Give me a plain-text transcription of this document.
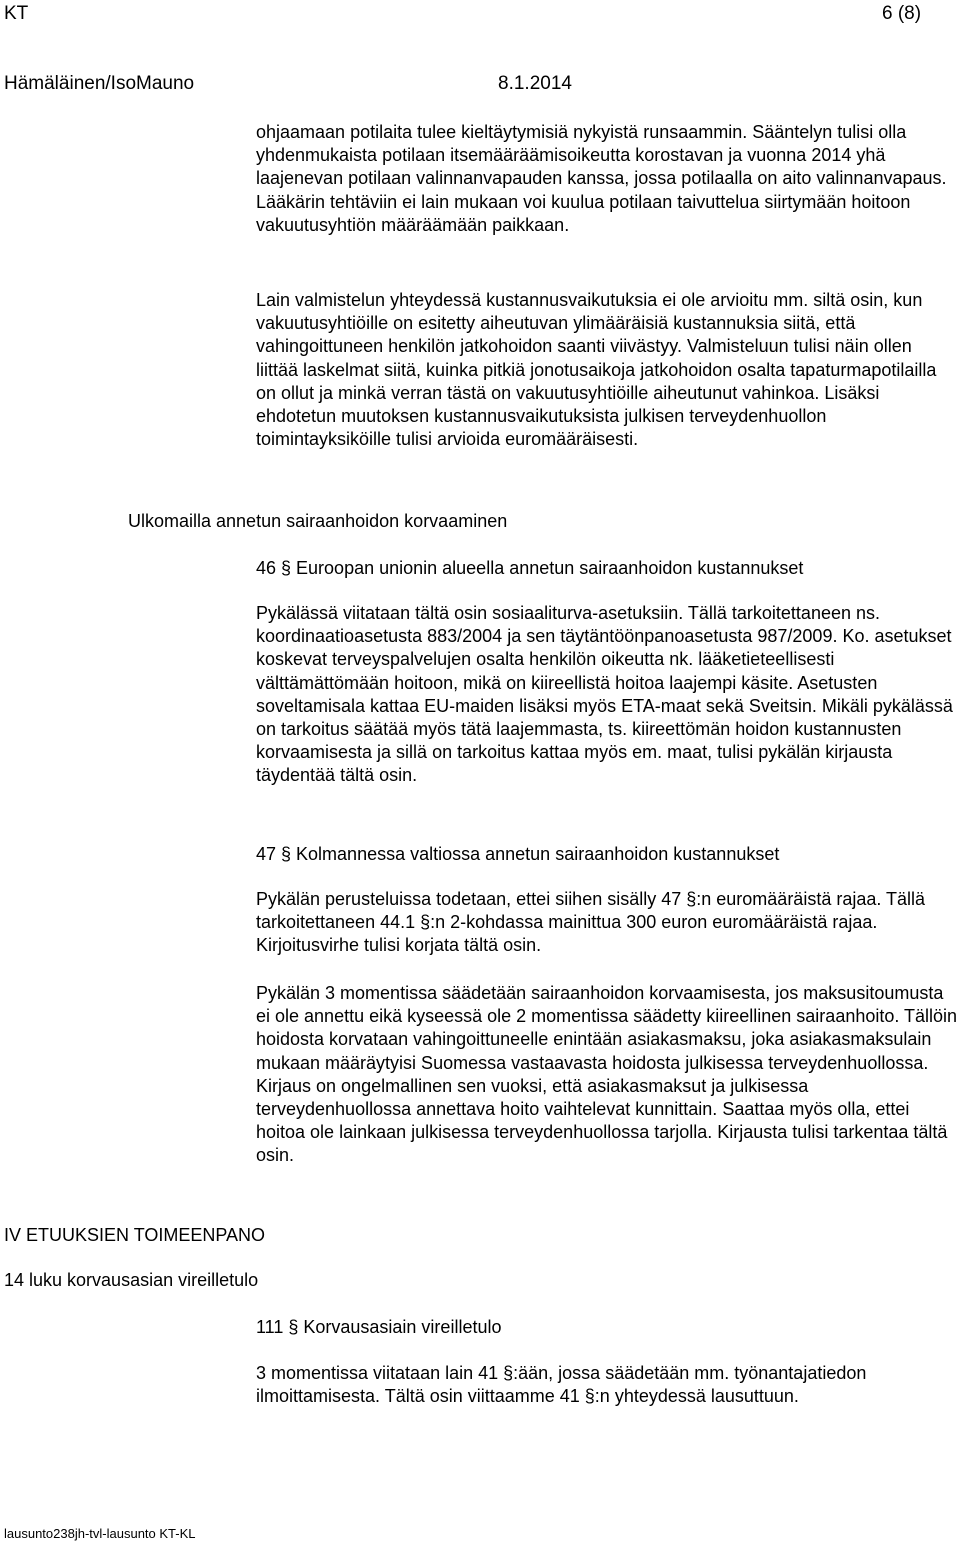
KT	6 (8)
Hämäläinen/IsoMauno	8.1.2014

ohjaamaan potilaita tulee kieltäytymisiä nykyistä runsaammin. Sääntelyn tulisi olla yhdenmukaista potilaan itsemääräämisoikeutta korostavan ja vuonna 2014 yhä laajenevan potilaan valinnanvapauden kanssa, jossa potilaalla on aito valinnanvapaus. Lääkärin tehtäviin ei lain mukaan voi kuulua potilaan taivuttelua siirtymään hoitoon vakuutusyhtiön määräämään paikkaan.

Lain valmistelun yhteydessä kustannusvaikutuksia ei ole arvioitu mm. siltä osin, kun vakuutusyhtiöille on esitetty aiheutuvan ylimääräisiä kustannuksia siitä, että vahingoittuneen henkilön jatkohoidon saanti viivästyy. Valmisteluun tulisi näin ollen liittää laskelmat siitä, kuinka pitkiä jonotusaikoja jatkohoidon osalta tapaturmapotilailla on ollut ja minkä verran tästä on vakuutusyhtiöille aiheutunut vahinkoa. Lisäksi ehdotetun muutoksen kustannusvaikutuksista julkisen terveydenhuollon toimintayksiköille tulisi arvioida euromääräisesti.

Ulkomailla annetun sairaanhoidon korvaaminen
46 § Euroopan unionin alueella annetun sairaanhoidon kustannukset

Pykälässä viitataan tältä osin sosiaaliturva-asetuksiin. Tällä tarkoitettaneen ns. koordinaatioasetusta 883/2004 ja sen täytäntöönpanoasetusta 987/2009. Ko. asetukset koskevat terveyspalvelujen osalta henkilön oikeutta nk. lääketieteellisesti välttämättömään hoitoon, mikä on kiireellistä hoitoa laajempi käsite. Asetusten soveltamisala kattaa EU-maiden lisäksi myös ETA-maat sekä Sveitsin. Mikäli pykälässä on tarkoitus säätää myös tätä laajemmasta, ts. kiireettömän hoidon kustannusten korvaamisesta ja sillä on tarkoitus kattaa myös em. maat, tulisi pykälän kirjausta täydentää tältä osin.

47 § Kolmannessa valtiossa annetun sairaanhoidon kustannukset

Pykälän perusteluissa todetaan, ettei siihen sisälly 47 §:n euromääräistä rajaa. Tällä tarkoitettaneen 44.1 §:n 2-kohdassa mainittua 300 euron euromääräistä rajaa. Kirjoitusvirhe tulisi korjata tältä osin.

Pykälän 3 momentissa säädetään sairaanhoidon korvaamisesta, jos maksusitoumusta ei ole annettu eikä kyseessä ole 2 momentissa säädetty kiireellinen sairaanhoito. Tällöin hoidosta korvataan vahingoittuneelle enintään asiakasmaksu, joka asiakasmaksulain mukaan määräytyisi Suomessa vastaavasta hoidosta julkisessa terveydenhuollossa. Kirjaus on ongelmallinen sen vuoksi, että asiakasmaksut ja julkisessa terveydenhuollossa annettava hoito vaihtelevat kunnittain. Saattaa myös olla, ettei hoitoa ole lainkaan julkisessa terveydenhuollossa tarjolla. Kirjausta tulisi tarkentaa tältä osin.

IV ETUUKSIEN TOIMEENPANO
14 luku korvausasian vireilletulo
111 § Korvausasiain vireilletulo

3 momentissa viitataan lain 41 §:ään, jossa säädetään mm. työnantajatiedon ilmoittamisesta. Tältä osin viittaamme 41 §:n yhteydessä lausuttuun.

lausunto238jh-tvl-lausunto KT-KL
